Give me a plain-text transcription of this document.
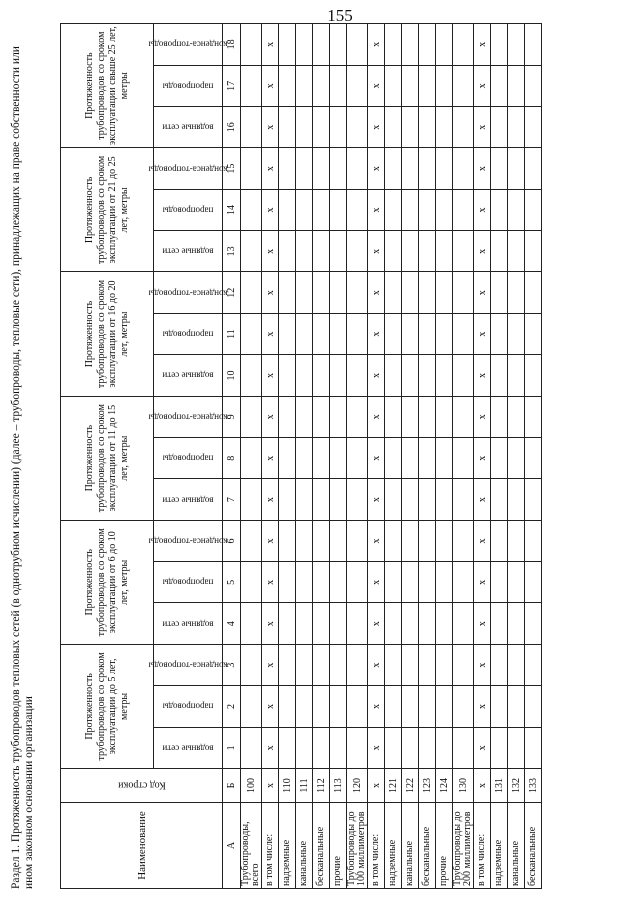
155
Раздел 1. Протяженность трубопроводов тепловых сетей (в однотрубном исчислении) (далее – трубопроводы, тепловые сети), принадлежащих на праве собственности или ином законном основании организации	Наименование	Код строки	Протяженность трубопроводов со сроком эксплуатации до 5 лет, метры			Протяженность трубопроводов со сроком эксплуатации от 6 до 10 лет, метры			Протяженность трубопроводов со сроком эксплуатации от 11 до 15 лет, метры			Протяженность трубопроводов со сроком эксплуатации от 16 до 20 лет, метры			Протяженность трубопроводов со сроком эксплуатации от 21 до 25 лет, метры			Протяженность трубопроводов со сроком эксплуатации свыше 25 лет, метры		

		водяные сети	паропроводы	конденса-топроводы	водяные сети	паропроводы	конденса-топроводы	водяные сети	паропроводы	конденса-топроводы	водяные сети	паропроводы	конденса-топроводы	водяные сети	паропроводы	конденса-топроводы	водяные сети	паропроводы	конденса-топроводы

А	Б	1	2	3	4	5	6	7	8	9	10	11	12	13	14	15	16	17	18
Трубопроводы, всего	100																		
в том числе:	х	x	x	x	x	x	x	x	x	x	x	x	x	x	x	x	x	x	x
надземные	110																		
канальные	111																		
бесканальные	112																		
прочие	113																		
Трубопроводы до 100 миллиметров	120																		
в том числе:	х	x	x	x	x	x	x	x	x	x	x	x	x	x	x	x	x	x	x
надземные	121																		
канальные	122																		
бесканальные	123																		
прочие	124																		
Трубопроводы до 200 миллиметров	130																		
в том числе:	х	x	x	x	x	x	x	x	x	x	x	x	x	x	x	x	x	x	x
надземные	131																		
канальные	132																		
бесканальные	133																		
